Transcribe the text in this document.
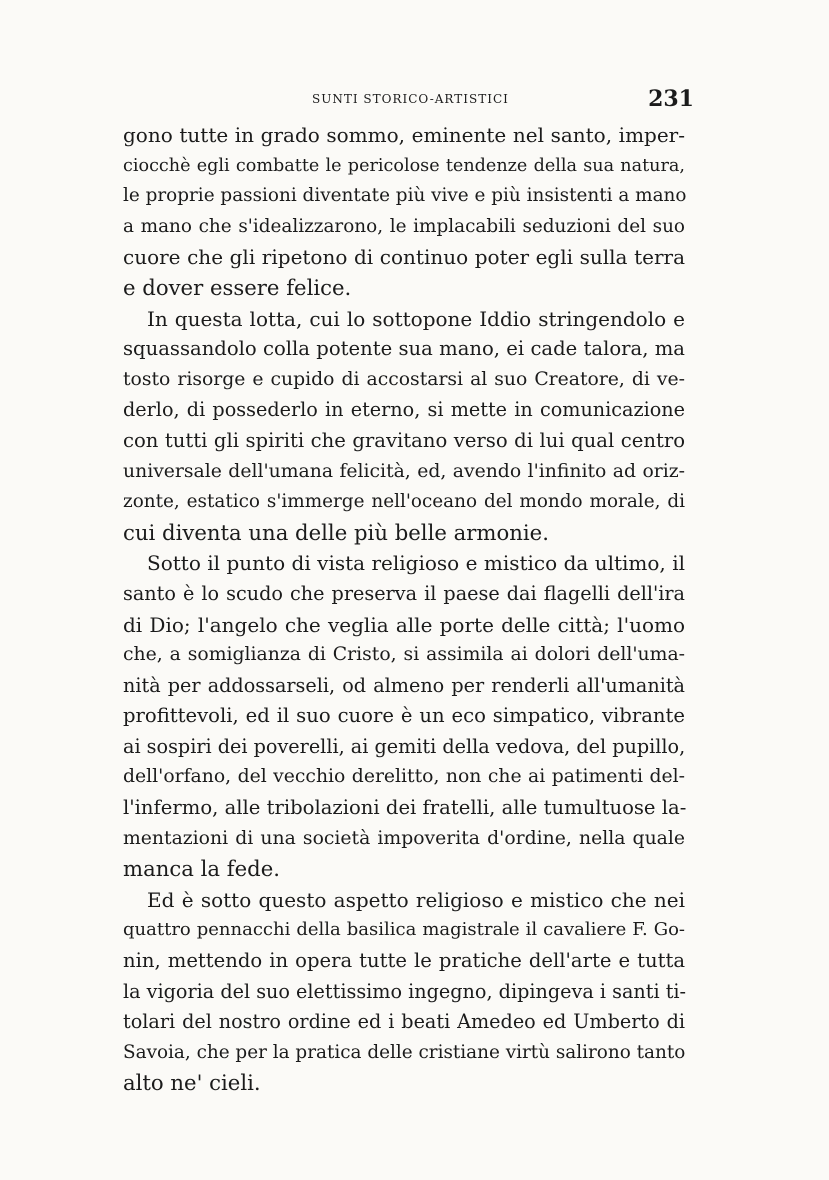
SUNTI STORICO-ARTISTICI	231
gono tutte in grado sommo, eminente nel santo, imper-
ciocchè egli combatte le pericolose tendenze della sua natura,
le proprie passioni diventate più vive e più insistenti a mano
a mano che s'idealizzarono, le implacabili seduzioni del suo
cuore che gli ripetono di continuo poter egli sulla terra
e dover essere felice.
In questa lotta, cui lo sottopone Iddio stringendolo e
squassandolo colla potente sua mano, ei cade talora, ma
tosto risorge e cupido di accostarsi al suo Creatore, di ve-
derlo, di possederlo in eterno, si mette in comunicazione
con tutti gli spiriti che gravitano verso di lui qual centro
universale dell'umana felicità, ed, avendo l'infinito ad oriz-
zonte, estatico s'immerge nell'oceano del mondo morale, di
cui diventa una delle più belle armonie.
Sotto il punto di vista religioso e mistico da ultimo, il
santo è lo scudo che preserva il paese dai flagelli dell'ira
di Dio; l'angelo che veglia alle porte delle città; l'uomo
che, a somiglianza di Cristo, si assimila ai dolori dell'uma-
nità per addossarseli, od almeno per renderli all'umanità
profittevoli, ed il suo cuore è un eco simpatico, vibrante
ai sospiri dei poverelli, ai gemiti della vedova, del pupillo,
dell'orfano, del vecchio derelitto, non che ai patimenti del-
l'infermo, alle tribolazioni dei fratelli, alle tumultuose la-
mentazioni di una società impoverita d'ordine, nella quale
manca la fede.
Ed è sotto questo aspetto religioso e mistico che nei
quattro pennacchi della basilica magistrale il cavaliere F. Go-
nin, mettendo in opera tutte le pratiche dell'arte e tutta
la vigoria del suo elettissimo ingegno, dipingeva i santi ti-
tolari del nostro ordine ed i beati Amedeo ed Umberto di
Savoia, che per la pratica delle cristiane virtù salirono tanto
alto ne' cieli.
